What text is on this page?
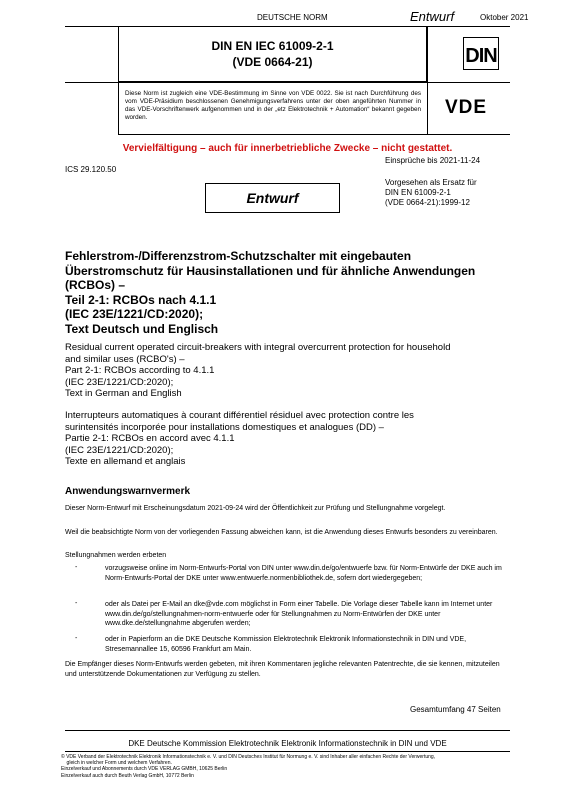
DEUTSCHE NORM	Entwurf	Oktober 2021
DIN EN IEC 61009-2-1
(VDE 0664-21)
Diese Norm ist zugleich eine VDE-Bestimmung im Sinne von VDE 0022. Sie ist nach Durchführung des vom VDE-Präsidium beschlossenen Genehmigungsverfahrens unter der oben angeführten Nummer in das VDE-Vorschriftenwerk aufgenommen und in der „etz Elektrotechnik + Automation“ bekannt gegeben worden.
DIN
VDE
Vervielfältigung – auch für innerbetriebliche Zwecke – nicht gestattet.
Einsprüche bis 2021-11-24
ICS 29.120.50
Vorgesehen als Ersatz für
DIN EN 61009-2-1
(VDE 0664-21):1999-12
Entwurf
Fehlerstrom-/Differenzstrom-Schutzschalter mit eingebauten
Überstromschutz für Hausinstallationen und für ähnliche Anwendungen
(RCBOs) –
Teil 2-1: RCBOs nach 4.1.1
(IEC 23E/1221/CD:2020);
Text Deutsch und Englisch
Residual current operated circuit-breakers with integral overcurrent protection for household
and similar uses (RCBO's) –
Part 2-1: RCBOs according to 4.1.1
(IEC 23E/1221/CD:2020);
Text in German and English
Interrupteurs automatiques à courant différentiel résiduel avec protection contre les
surintensités incorporée pour installations domestiques et analogues (DD) –
Partie 2-1: RCBOs en accord avec 4.1.1
(IEC 23E/1221/CD:2020);
Texte en allemand et anglais
Anwendungswarnvermerk
Dieser Norm-Entwurf mit Erscheinungsdatum 2021-09-24 wird der Öffentlichkeit zur Prüfung und Stellungnahme vorgelegt.
Weil die beabsichtigte Norm von der vorliegenden Fassung abweichen kann, ist die Anwendung dieses Entwurfs besonders zu vereinbaren.
Stellungnahmen werden erbeten
-	vorzugsweise online im Norm-Entwurfs-Portal von DIN unter www.din.de/go/entwuerfe bzw. für Norm-Entwürfe der DKE auch im Norm-Entwurfs-Portal der DKE unter www.entwuerfe.normenbibliothek.de, sofern dort wiedergegeben;
-	oder als Datei per E-Mail an dke@vde.com möglichst in Form einer Tabelle. Die Vorlage dieser Tabelle kann im Internet unter www.din.de/go/stellungnahmen-norm-entwuerfe oder für Stellungnahmen zu Norm-Entwürfen der DKE unter www.dke.de/stellungnahme abgerufen werden;
-	oder in Papierform an die DKE Deutsche Kommission Elektrotechnik Elektronik Informationstechnik in DIN und VDE, Stresemannallee 15, 60596 Frankfurt am Main.
Die Empfänger dieses Norm-Entwurfs werden gebeten, mit ihren Kommentaren jegliche relevanten Patentrechte, die sie kennen, mitzuteilen und unterstützende Dokumentationen zur Verfügung zu stellen.
Gesamtumfang 47 Seiten
DKE Deutsche Kommission Elektrotechnik Elektronik Informationstechnik in DIN und VDE
© VDE Verband der Elektrotechnik Elektronik Informationstechnik e. V. und DIN Deutsches Institut für Normung e. V. sind Inhaber aller einfachen Rechte der Verwertung,
gleich in welcher Form und welchem Verfahren.
Einzelverkauf und Abonnements durch VDE VERLAG GMBH, 10625 Berlin
Einzelverkauf auch durch Beuth Verlag GmbH, 10772 Berlin
